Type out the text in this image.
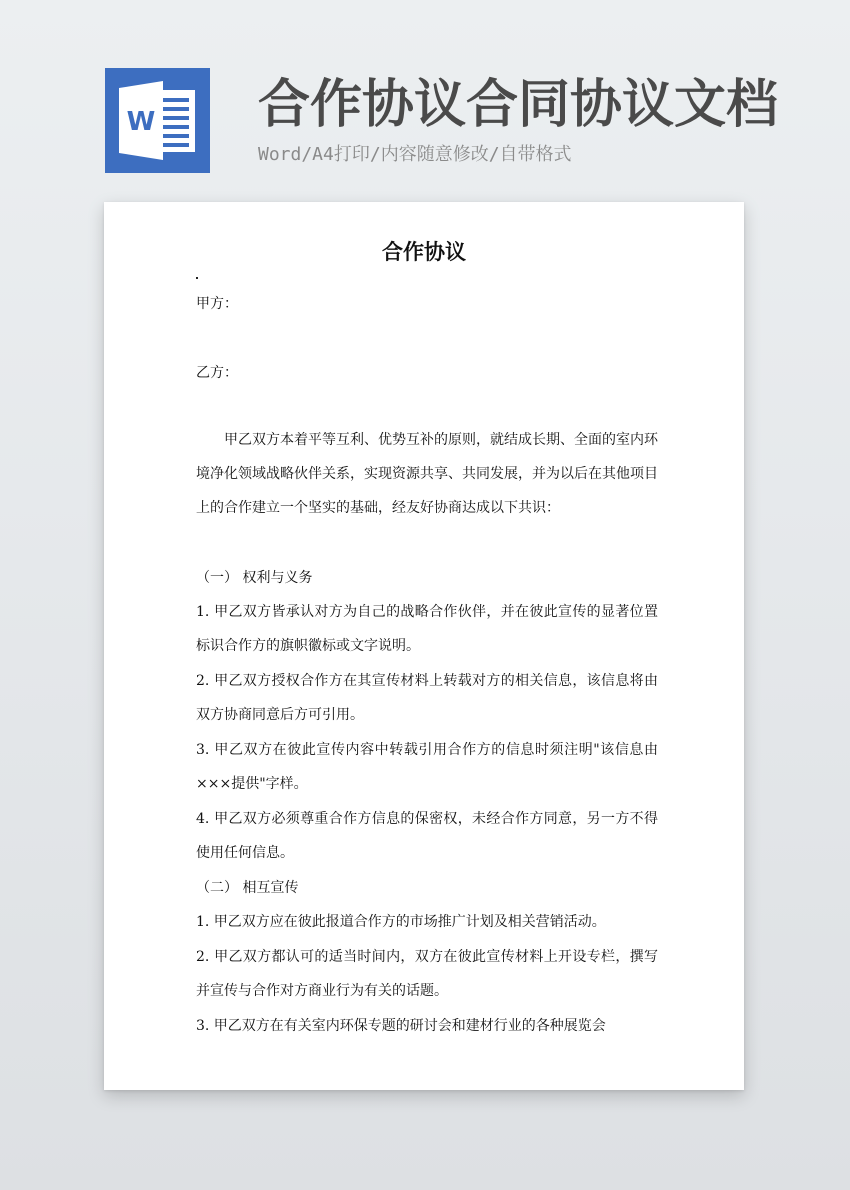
W 合作协议合同协议文档
Word/A4打印/内容随意修改/自带格式
合作协议
甲方：
乙方：
甲乙双方本着平等互利、优势互补的原则，就结成长期、全面的室内环境净化领域战略伙伴关系，实现资源共享、共同发展，并为以后在其他项目上的合作建立一个坚实的基础，经友好协商达成以下共识：
（一） 权利与义务
1. 甲乙双方皆承认对方为自己的战略合作伙伴，并在彼此宣传的显著位置标识合作方的旗帜徽标或文字说明。
2. 甲乙双方授权合作方在其宣传材料上转载对方的相关信息，该信息将由双方协商同意后方可引用。
3. 甲乙双方在彼此宣传内容中转载引用合作方的信息时须注明"该信息由×××提供"字样。
4. 甲乙双方必须尊重合作方信息的保密权，未经合作方同意，另一方不得使用任何信息。
（二） 相互宣传
1. 甲乙双方应在彼此报道合作方的市场推广计划及相关营销活动。
2. 甲乙双方都认可的适当时间内，双方在彼此宣传材料上开设专栏，撰写并宣传与合作对方商业行为有关的话题。
3. 甲乙双方在有关室内环保专题的研讨会和建材行业的各种展览会
